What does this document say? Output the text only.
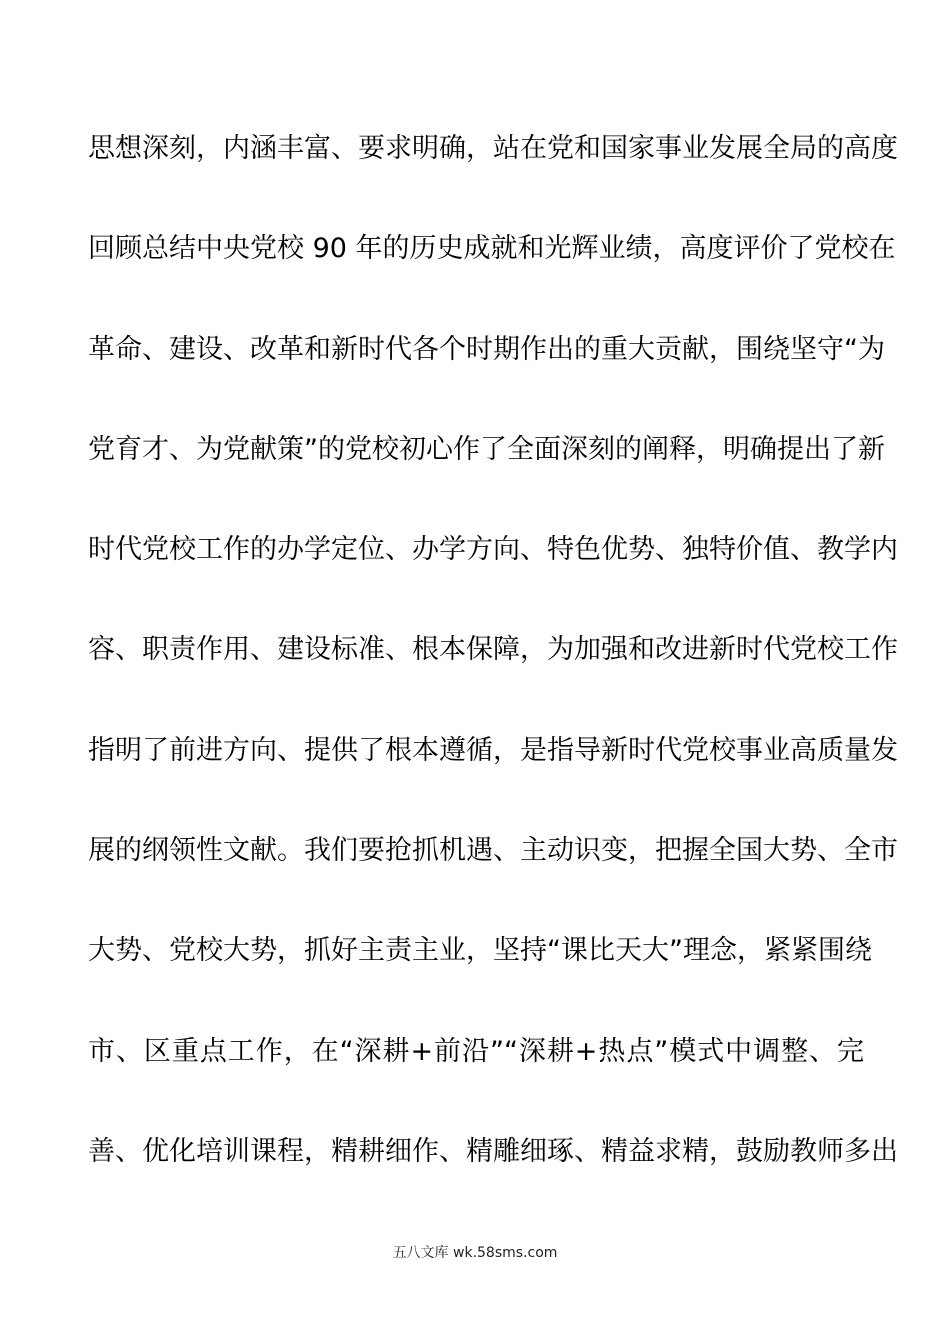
思想深刻，内涵丰富、要求明确，站在党和国家事业发展全局的高度
回顾总结中央党校 90 年的历史成就和光辉业绩，高度评价了党校在
革命、建设、改革和新时代各个时期作出的重大贡献，围绕坚守“为
党育才、为党献策”的党校初心作了全面深刻的阐释，明确提出了新
时代党校工作的办学定位、办学方向、特色优势、独特价值、教学内
容、职责作用、建设标准、根本保障，为加强和改进新时代党校工作
指明了前进方向、提供了根本遵循，是指导新时代党校事业高质量发
展的纲领性文献。我们要抢抓机遇、主动识变，把握全国大势、全市
大势、党校大势，抓好主责主业，坚持“课比天大”理念，紧紧围绕
市、区重点工作，在“深耕+前沿”“深耕+热点”模式中调整、完
善、优化培训课程，精耕细作、精雕细琢、精益求精，鼓励教师多出
五八文库 wk.58sms.com
